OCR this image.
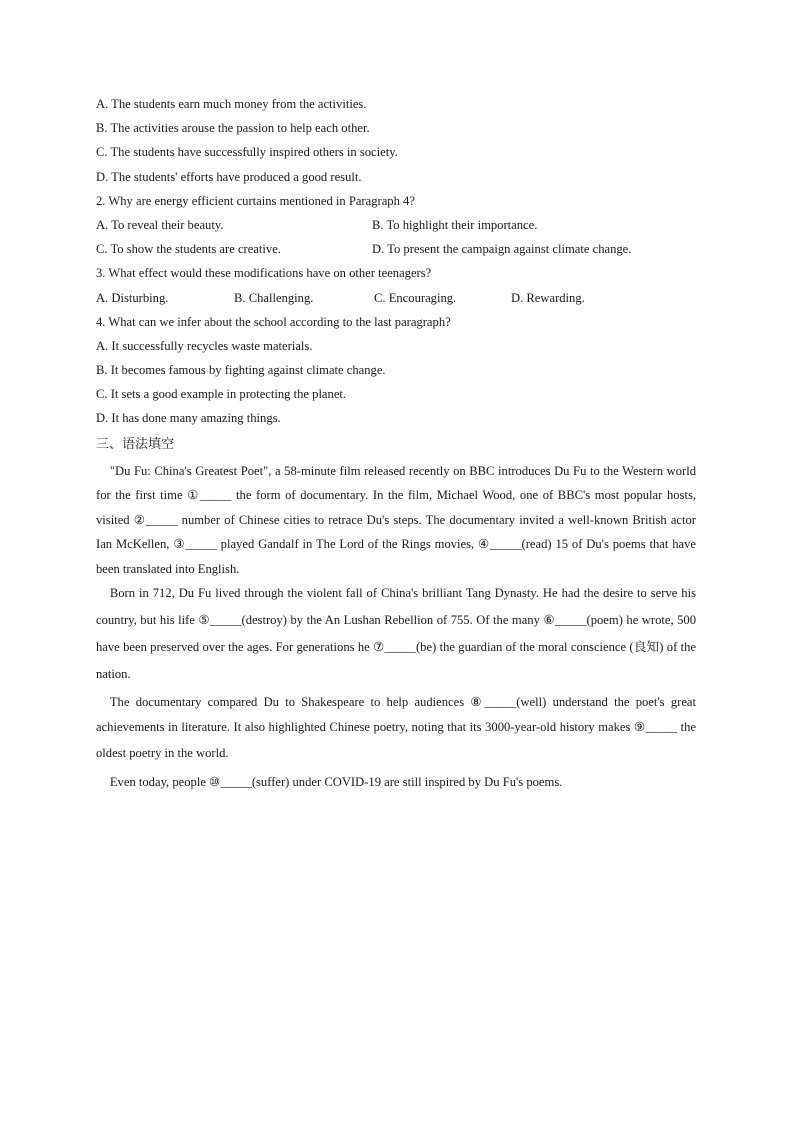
A. The students earn much money from the activities.
B. The activities arouse the passion to help each other.
C. The students have successfully inspired others in society.
D. The students' efforts have produced a good result.
2. Why are energy efficient curtains mentioned in Paragraph 4?
A. To reveal their beauty.	B. To highlight their importance.
C. To show the students are creative.	D. To present the campaign against climate change.
3. What effect would these modifications have on other teenagers?
A. Disturbing.	B. Challenging.	C. Encouraging.	D. Rewarding.
4. What can we infer about the school according to the last paragraph?
A. It successfully recycles waste materials.
B. It becomes famous by fighting against climate change.
C. It sets a good example in protecting the planet.
D. It has done many amazing things.
三、语法填空

"Du Fu: China's Greatest Poet", a 58-minute film released recently on BBC introduces Du Fu to the Western world for the first time ①_____ the form of documentary. In the film, Michael Wood, one of BBC's most popular hosts, visited ②_____ number of Chinese cities to retrace Du's steps. The documentary invited a well-known British actor Ian McKellen, ③_____ played Gandalf in The Lord of the Rings movies, ④_____(read) 15 of Du's poems that have been translated into English.

Born in 712, Du Fu lived through the violent fall of China's brilliant Tang Dynasty. He had the desire to serve his country, but his life ⑤_____(destroy) by the An Lushan Rebellion of 755. Of the many ⑥_____(poem) he wrote, 500 have been preserved over the ages. For generations he ⑦_____(be) the guardian of the moral conscience (良知) of the nation.

The documentary compared Du to Shakespeare to help audiences ⑧_____(well) understand the poet's great achievements in literature. It also highlighted Chinese poetry, noting that its 3000-year-old history makes ⑨_____ the oldest poetry in the world.

Even today, people ⑩_____(suffer) under COVID-19 are still inspired by Du Fu's poems.
